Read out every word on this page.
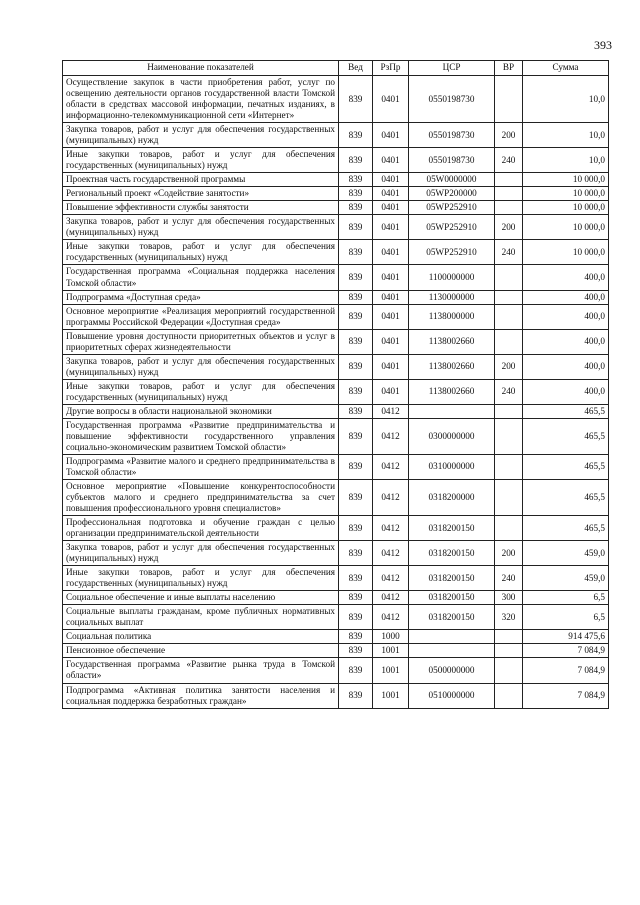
393
Наименование показателей	Вед	РзПр	ЦСР	ВР	Сумма
Осуществление закупок в части приобретения работ, услуг по освещению деятельности органов государственной власти Томской области в средствах массовой информации, печатных изданиях, в информационно-телекоммуникационной сети «Интернет»	839	0401	0550198730		10,0
Закупка товаров, работ и услуг для обеспечения государственных (муниципальных) нужд	839	0401	0550198730	200	10,0
Иные закупки товаров, работ и услуг для обеспечения государственных (муниципальных) нужд	839	0401	0550198730	240	10,0
Проектная часть государственной программы	839	0401	05W0000000		10 000,0
Региональный проект «Содействие занятости»	839	0401	05WP200000		10 000,0
Повышение эффективности службы занятости	839	0401	05WP252910		10 000,0
Закупка товаров, работ и услуг для обеспечения государственных (муниципальных) нужд	839	0401	05WP252910	200	10 000,0
Иные закупки товаров, работ и услуг для обеспечения государственных (муниципальных) нужд	839	0401	05WP252910	240	10 000,0
Государственная программа «Социальная поддержка населения Томской области»	839	0401	1100000000		400,0
Подпрограмма «Доступная среда»	839	0401	1130000000		400,0
Основное мероприятие «Реализация мероприятий государственной программы Российской Федерации «Доступная среда»	839	0401	1138000000		400,0
Повышение уровня доступности приоритетных объектов и услуг в приоритетных сферах жизнедеятельности	839	0401	1138002660		400,0
Закупка товаров, работ и услуг для обеспечения государственных (муниципальных) нужд	839	0401	1138002660	200	400,0
Иные закупки товаров, работ и услуг для обеспечения государственных (муниципальных) нужд	839	0401	1138002660	240	400,0
Другие вопросы в области национальной экономики	839	0412			465,5
Государственная программа «Развитие предпринимательства и повышение эффективности государственного управления социально-экономическим развитием Томской области»	839	0412	0300000000		465,5
Подпрограмма «Развитие малого и среднего предпринимательства в Томской области»	839	0412	0310000000		465,5
Основное мероприятие «Повышение конкурентоспособности субъектов малого и среднего предпринимательства за счет повышения профессионального уровня специалистов»	839	0412	0318200000		465,5
Профессиональная подготовка и обучение граждан с целью организации предпринимательской деятельности	839	0412	0318200150		465,5
Закупка товаров, работ и услуг для обеспечения государственных (муниципальных) нужд	839	0412	0318200150	200	459,0
Иные закупки товаров, работ и услуг для обеспечения государственных (муниципальных) нужд	839	0412	0318200150	240	459,0
Социальное обеспечение и иные выплаты населению	839	0412	0318200150	300	6,5
Социальные выплаты гражданам, кроме публичных нормативных социальных выплат	839	0412	0318200150	320	6,5
Социальная политика	839	1000			914 475,6
Пенсионное обеспечение	839	1001			7 084,9
Государственная программа «Развитие рынка труда в Томской области»	839	1001	0500000000		7 084,9
Подпрограмма «Активная политика занятости населения и социальная поддержка безработных граждан»	839	1001	0510000000		7 084,9
